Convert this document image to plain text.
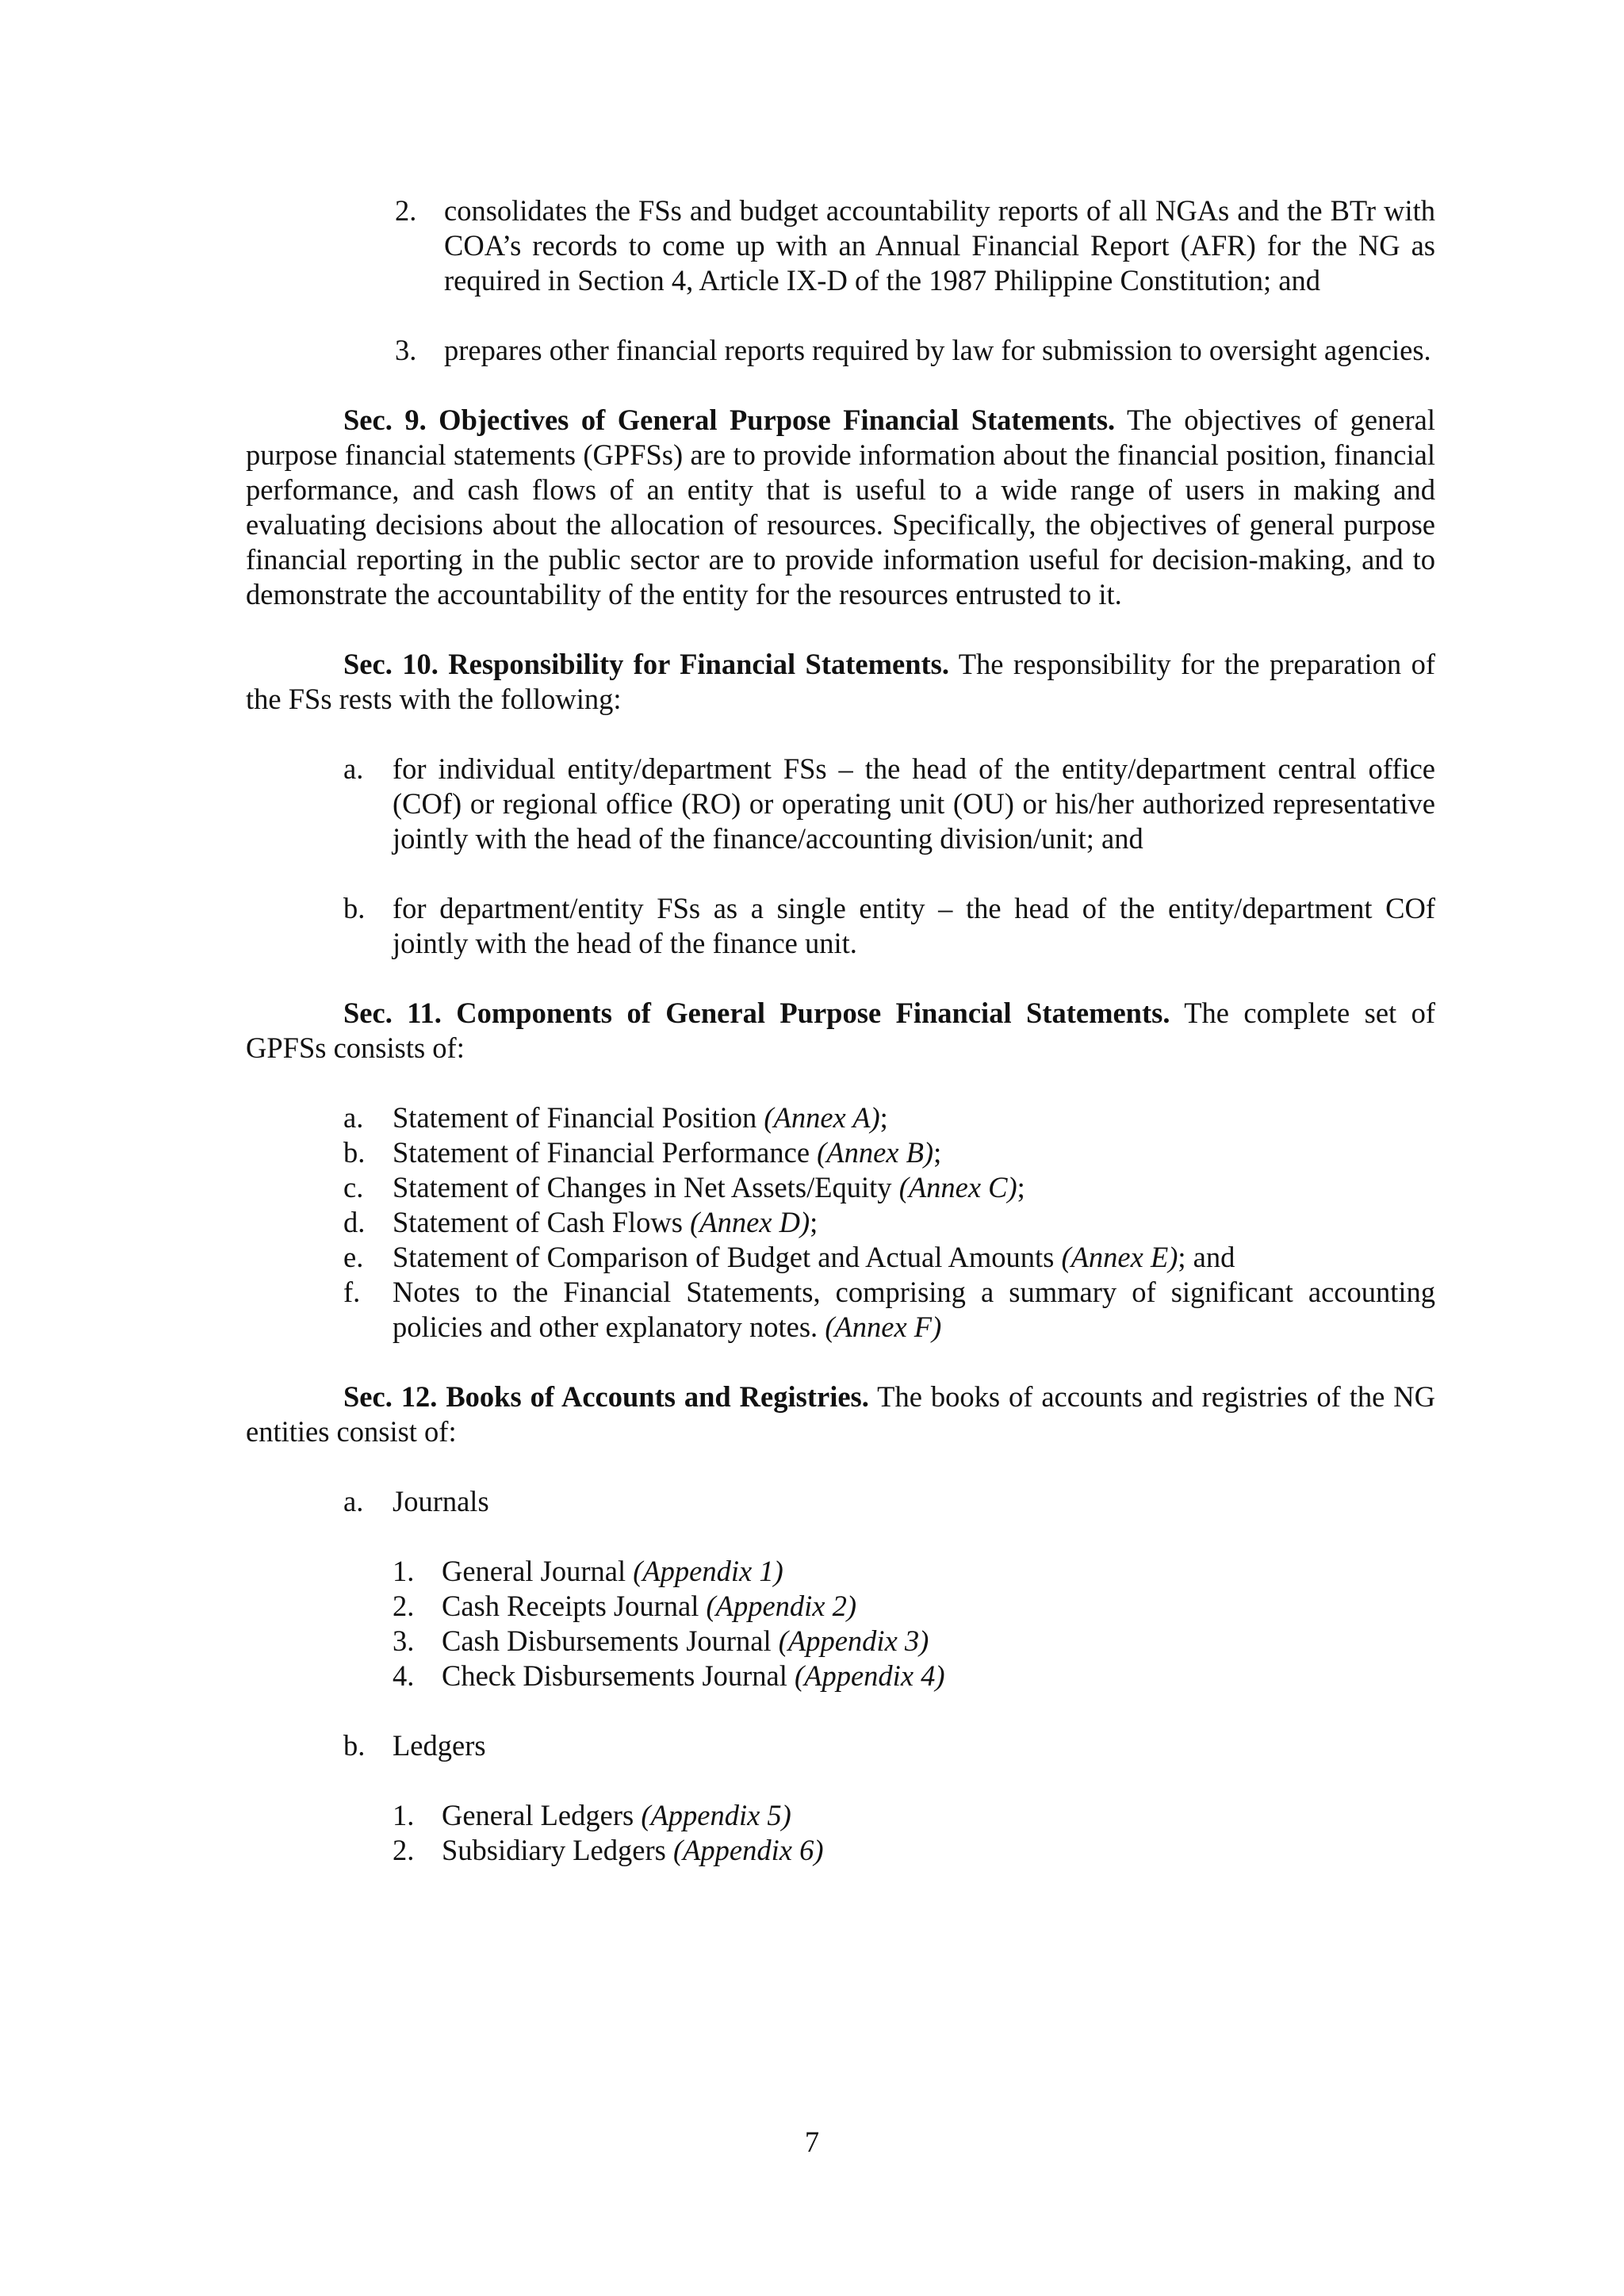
2. consolidates the FSs and budget accountability reports of all NGAs and the BTr with COA’s records to come up with an Annual Financial Report (AFR) for the NG as required in Section 4, Article IX-D of the 1987 Philippine Constitution; and
3. prepares other financial reports required by law for submission to oversight agencies.

Sec. 9. Objectives of General Purpose Financial Statements. The objectives of general purpose financial statements (GPFSs) are to provide information about the financial position, financial performance, and cash flows of an entity that is useful to a wide range of users in making and evaluating decisions about the allocation of resources. Specifically, the objectives of general purpose financial reporting in the public sector are to provide information useful for decision-making, and to demonstrate the accountability of the entity for the resources entrusted to it.

Sec. 10. Responsibility for Financial Statements. The responsibility for the preparation of the FSs rests with the following:

a.	for individual entity/department FSs – the head of the entity/department central office (COf) or regional office (RO) or operating unit (OU) or his/her authorized representative jointly with the head of the finance/accounting division/unit; and
b. for department/entity FSs as a single entity – the head of the entity/department COf jointly with the head of the finance unit.

Sec. 11. Components of General Purpose Financial Statements. The complete set of GPFSs consists of:

a.	Statement of Financial Position (Annex A);
b. Statement of Financial Performance (Annex B);
c.	Statement of Changes in Net Assets/Equity (Annex C);
d. Statement of Cash Flows (Annex D);
e.	Statement of Comparison of Budget and Actual Amounts (Annex E); and
f.	Notes to the Financial Statements, comprising a summary of significant accounting policies and other explanatory notes. (Annex F)

Sec. 12. Books of Accounts and Registries. The books of accounts and registries of the NG entities consist of:

a.	Journals
1. General Journal (Appendix 1)
2. Cash Receipts Journal (Appendix 2)
3. Cash Disbursements Journal (Appendix 3)
4. Check Disbursements Journal (Appendix 4)
b. Ledgers
1. General Ledgers (Appendix 5)
2. Subsidiary Ledgers (Appendix 6)
7
